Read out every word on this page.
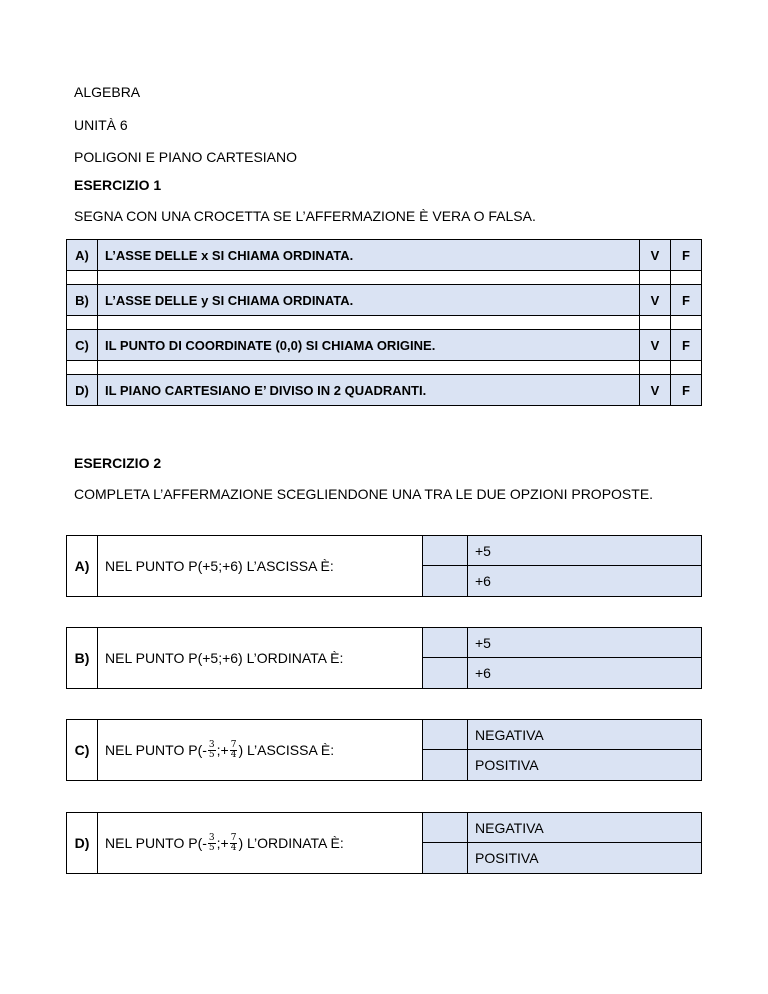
ALGEBRA
UNITÀ 6
POLIGONI E PIANO CARTESIANO
ESERCIZIO 1
SEGNA CON UNA CROCETTA SE L’AFFERMAZIONE È VERA O FALSA.
A)	L’ASSE DELLE x SI CHIAMA ORDINATA.	V	F

B)	L’ASSE DELLE y SI CHIAMA ORDINATA.	V	F

C)	IL PUNTO DI COORDINATE (0,0) SI CHIAMA ORIGINE.	V	F

D)	IL PIANO CARTESIANO E’ DIVISO IN 2 QUADRANTI.	V	F
ESERCIZIO 2
COMPLETA L’AFFERMAZIONE SCEGLIENDONE UNA TRA LE DUE OPZIONI PROPOSTE.
A)	NEL PUNTO P(+5;+6) L’ASCISSA È:
+5
+6
B)	NEL PUNTO P(+5;+6) L’ORDINATA È:
+5
+6
C)	NEL PUNTO $P(- \frac{3}{5}$ ;+ $\frac{7}{4}$ ) L’ASCISSA È:
NEGATIVA
POSITIVA
D)	NEL PUNTO $P(- \frac{3}{5}$ ;+ $\frac{7}{4}$ ) L’ORDINATA È:
NEGATIVA
POSITIVA
